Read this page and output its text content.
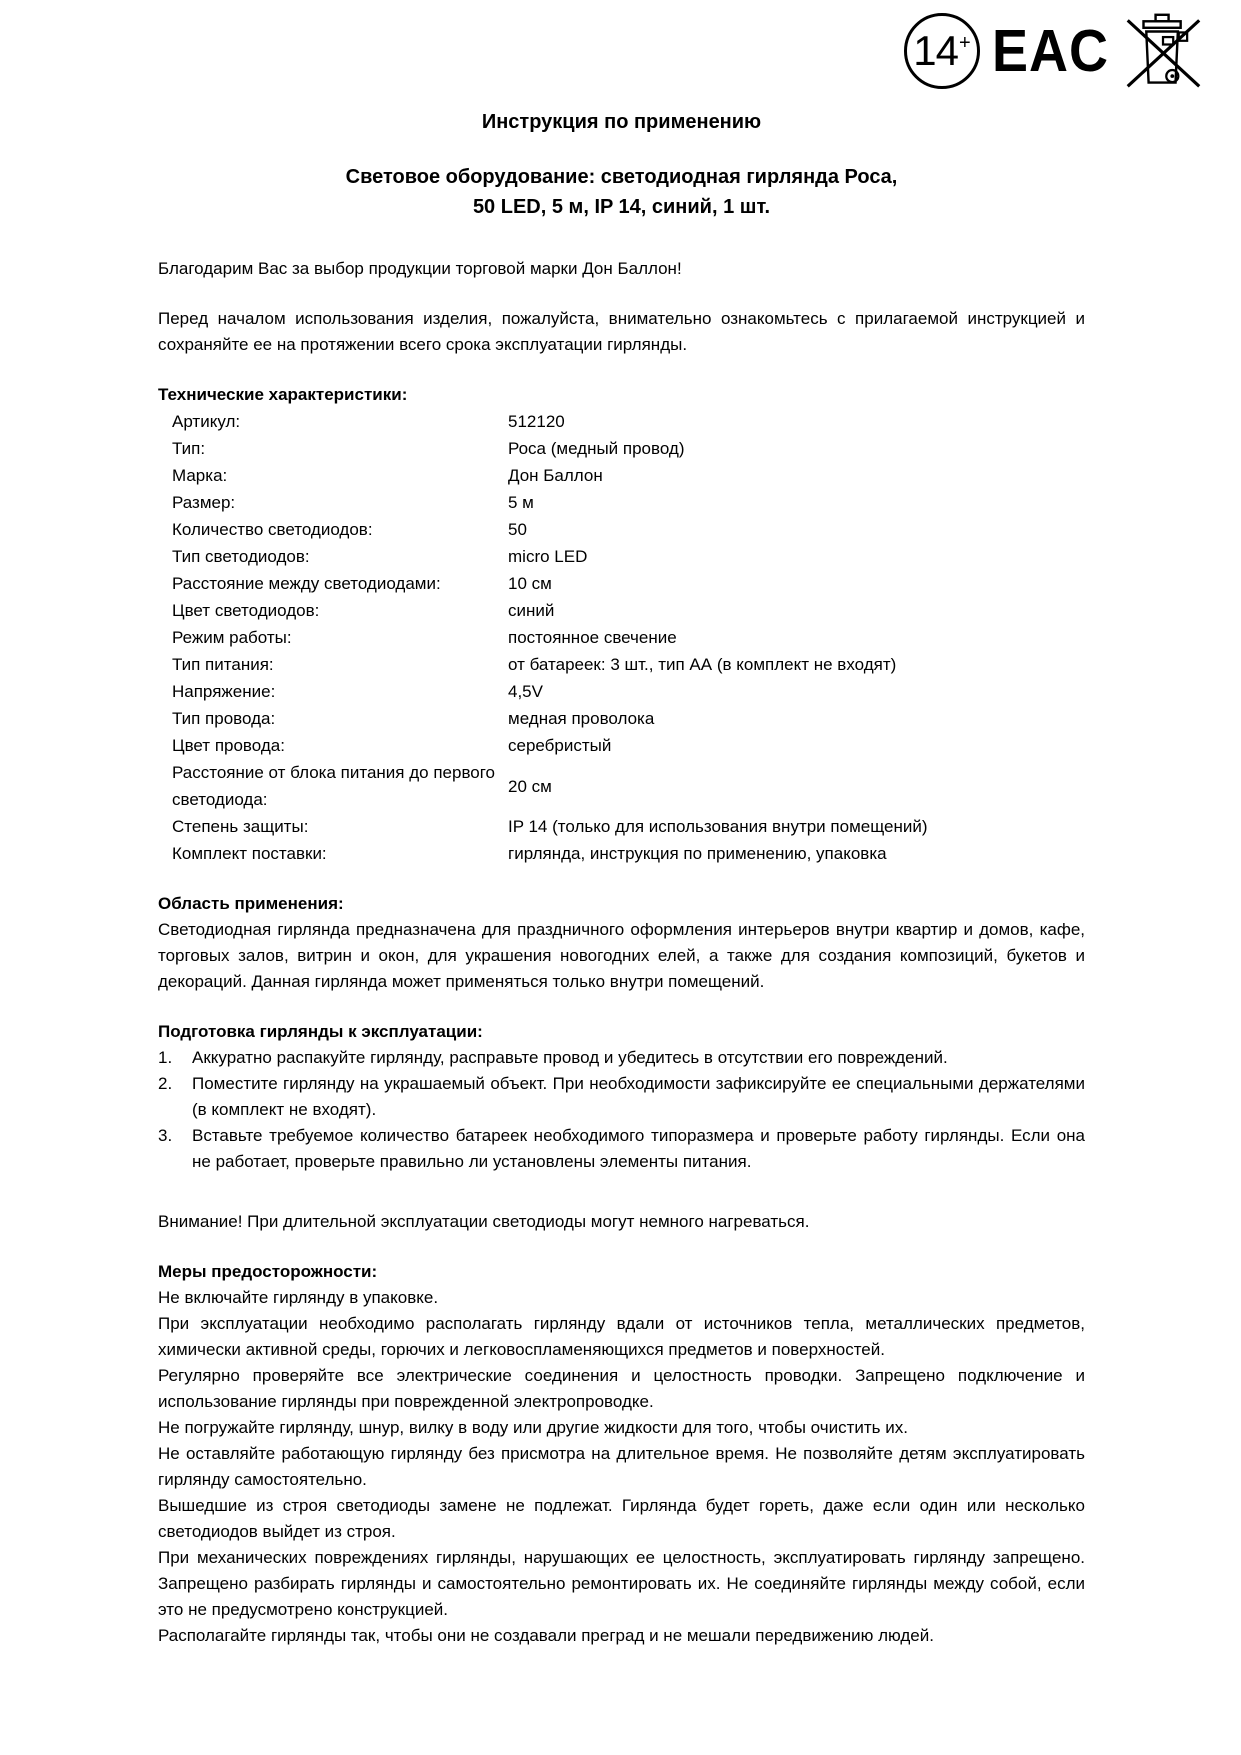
14 + EAC
Инструкция по применению
Световое оборудование: светодиодная гирлянда Роса,
50 LED, 5 м, IP 14, синий, 1 шт.

Благодарим Вас за выбор продукции торговой марки Дон Баллон!

Перед началом использования изделия, пожалуйста, внимательно ознакомьтесь с прилагаемой инструкцией и сохраняйте ее на протяжении всего срока эксплуатации гирлянды.

Технические характеристики:
Артикул:	512120
Тип:	Роса (медный провод)
Марка:	Дон Баллон
Размер:	5 м
Количество светодиодов:	50
Тип светодиодов:	micro LED
Расстояние между светодиодами:	10 см
Цвет светодиодов:	синий
Режим работы:	постоянное свечение
Тип питания:	от батареек: 3 шт., тип АА (в комплект не входят)
Напряжение:	4,5V
Тип провода:	медная проволока
Цвет провода:	серебристый
Расстояние от блока питания до первого светодиода:
20 см
Степень защиты:	IP 14 (только для использования внутри помещений)
Комплект поставки:	гирлянда, инструкция по применению, упаковка
Область применения:

Светодиодная гирлянда предназначена для праздничного оформления интерьеров внутри квартир и домов, кафе, торговых залов, витрин и окон, для украшения новогодних елей, а также для создания композиций, букетов и декораций. Данная гирлянда может применяться только внутри помещений.

Подготовка гирлянды к эксплуатации:
1.	Аккуратно распакуйте гирлянду, расправьте провод и убедитесь в отсутствии его повреждений.
2.	Поместите гирлянду на украшаемый объект. При необходимости зафиксируйте ее специальными держателями (в комплект не входят).
3.	Вставьте требуемое количество батареек необходимого типоразмера и проверьте работу гирлянды. Если она не работает, проверьте правильно ли установлены элементы питания.

Внимание! При длительной эксплуатации светодиоды могут немного нагреваться.

Меры предосторожности:

Не включайте гирлянду в упаковке.

При эксплуатации необходимо располагать гирлянду вдали от источников тепла, металлических предметов, химически активной среды, горючих и легковоспламеняющихся предметов и поверхностей.

Регулярно проверяйте все электрические соединения и целостность проводки. Запрещено подключение и использование гирлянды при поврежденной электропроводке.

Не погружайте гирлянду, шнур, вилку в воду или другие жидкости для того, чтобы очистить их.

Не оставляйте работающую гирлянду без присмотра на длительное время. Не позволяйте детям эксплуатировать гирлянду самостоятельно.

Вышедшие из строя светодиоды замене не подлежат. Гирлянда будет гореть, даже если один или несколько светодиодов выйдет из строя.

При механических повреждениях гирлянды, нарушающих ее целостность, эксплуатировать гирлянду запрещено. Запрещено разбирать гирлянды и самостоятельно ремонтировать их. Не соединяйте гирлянды между собой, если это не предусмотрено конструкцией.

Располагайте гирлянды так, чтобы они не создавали преград и не мешали передвижению людей.
